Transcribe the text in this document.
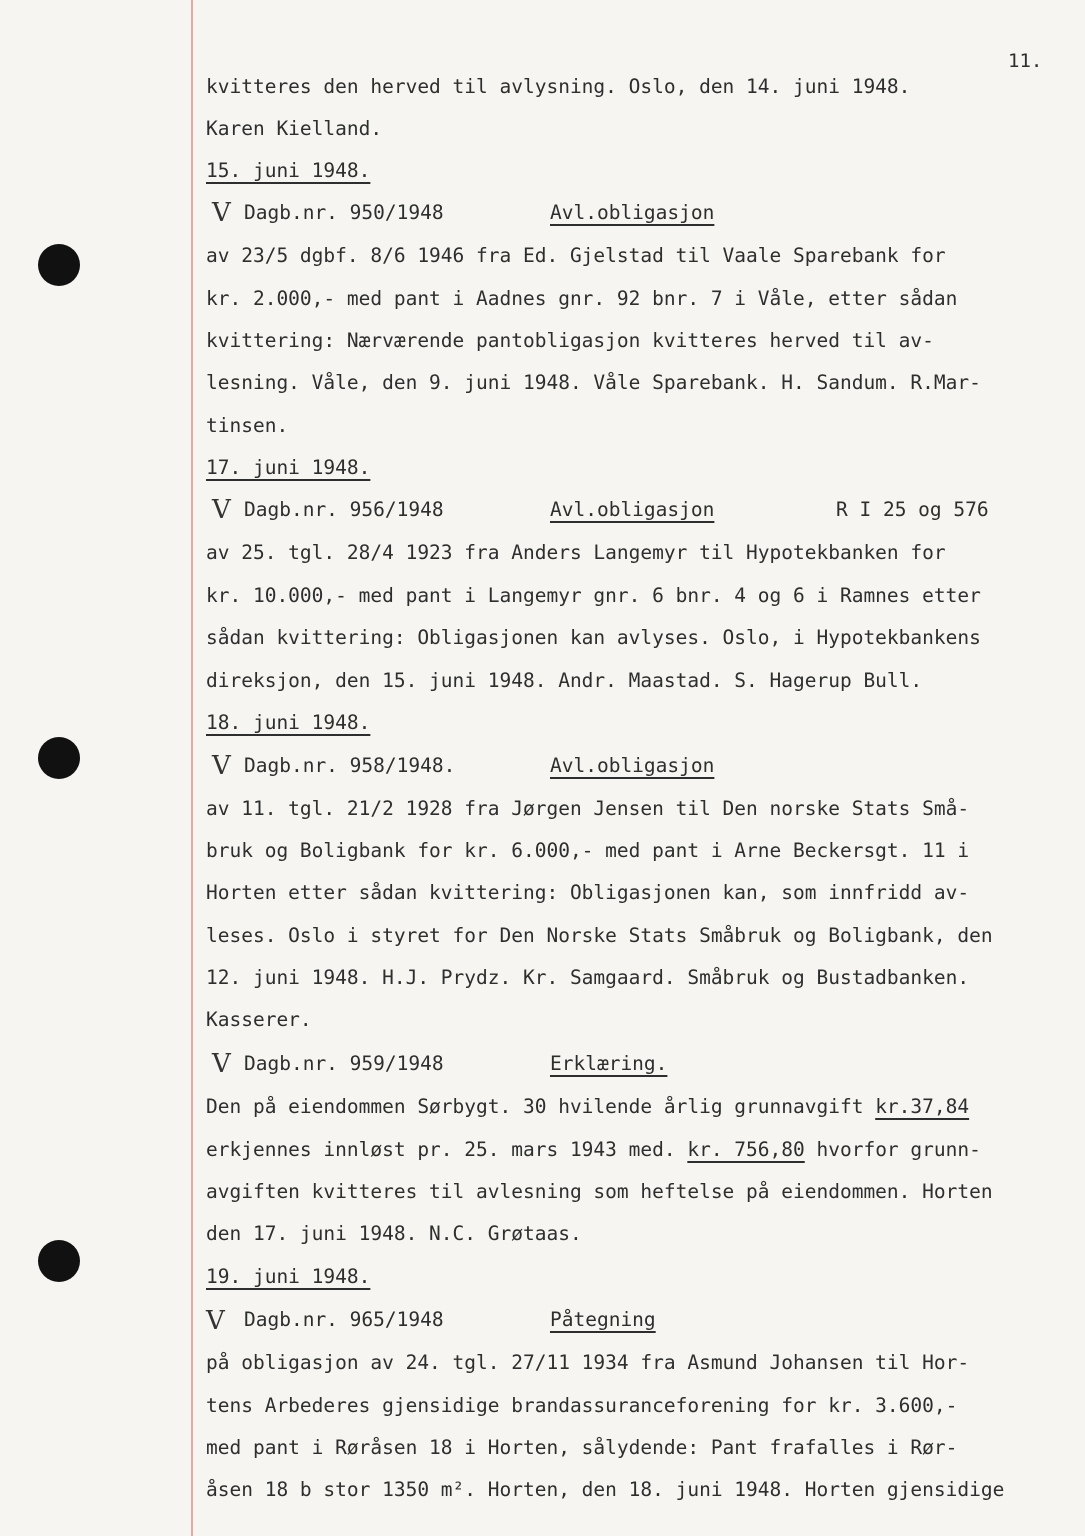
11.
kvitteres den herved til avlysning. Oslo, den 14. juni 1948.
Karen Kielland.
15. juni 1948.
V Dagb.nr. 950/1948	Avl.obligasjon
av 23/5 dgbf. 8/6 1946 fra Ed. Gjelstad til Vaale Sparebank for
kr. 2.000,- med pant i Aadnes gnr. 92 bnr. 7 i Våle, etter sådan
kvittering: Nærværende pantobligasjon kvitteres herved til av-
lesning. Våle, den 9. juni 1948. Våle Sparebank. H. Sandum. R.Mar-
tinsen.
17. juni 1948.
V Dagb.nr. 956/1948	Avl.obligasjon	R I 25 og 576
av 25. tgl. 28/4 1923 fra Anders Langemyr til Hypotekbanken for
kr. 10.000,- med pant i Langemyr gnr. 6 bnr. 4 og 6 i Ramnes etter
sådan kvittering: Obligasjonen kan avlyses. Oslo, i Hypotekbankens
direksjon, den 15. juni 1948. Andr. Maastad. S. Hagerup Bull.
18. juni 1948.
V Dagb.nr. 958/1948.	Avl.obligasjon
av 11. tgl. 21/2 1928 fra Jørgen Jensen til Den norske Stats Små-
bruk og Boligbank for kr. 6.000,- med pant i Arne Beckersgt. 11 i
Horten etter sådan kvittering: Obligasjonen kan, som innfridd av-
leses. Oslo i styret for Den Norske Stats Småbruk og Boligbank, den
12. juni 1948. H.J. Prydz. Kr. Samgaard. Småbruk og Bustadbanken.
Kasserer.
V Dagb.nr. 959/1948	Erklæring.
Den på eiendommen Sørbygt. 30 hvilende årlig grunnavgift kr.37,84
erkjennes innløst pr. 25. mars 1943 med. kr. 756,80 hvorfor grunn-
avgiften kvitteres til avlesning som heftelse på eiendommen. Horten
den 17. juni 1948. N.C. Grøtaas.
19. juni 1948.
V Dagb.nr. 965/1948	Påtegning
på obligasjon av 24. tgl. 27/11 1934 fra Asmund Johansen til Hor-
tens Arbederes gjensidige brandassuranceforening for kr. 3.600,-
med pant i Røråsen 18 i Horten, sålydende: Pant frafalles i Rør-
åsen 18 b stor 1350 m². Horten, den 18. juni 1948. Horten gjensidige
